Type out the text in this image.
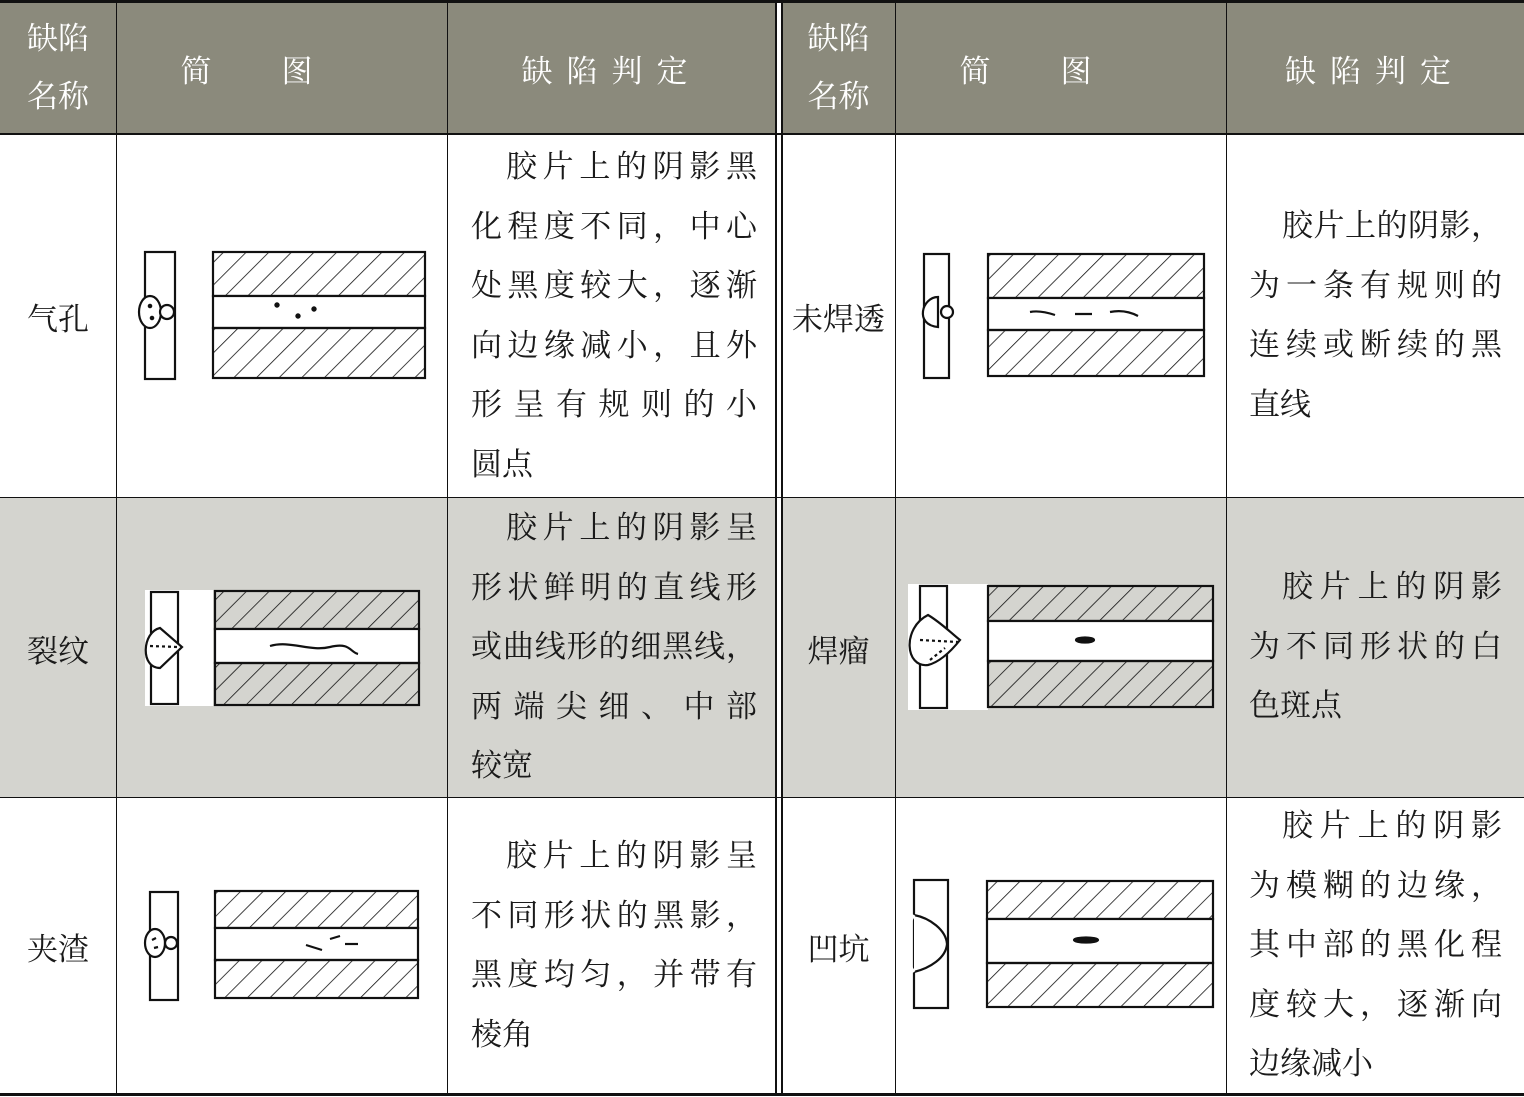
缺陷
名称
简图	缺陷判定
缺陷
名称
简图	缺陷判定
气孔
胶片上的阴影黑
化程度不同，中心
处黑度较大，逐渐
向边缘减小，且外
形呈有规则的小
圆点
未焊透
胶片上的阴影，
为一条有规则的
连续或断续的黑
直线
裂纹
胶片上的阴影呈
形状鲜明的直线形
或曲线形的细黑线，
两端尖细、中部
较宽
焊瘤
胶片上的阴影
为不同形状的白
色斑点
夹渣
胶片上的阴影呈
不同形状的黑影，
黑度均匀，并带有
棱角
凹坑
胶片上的阴影
为模糊的边缘，
其中部的黑化程
度较大，逐渐向
边缘减小
